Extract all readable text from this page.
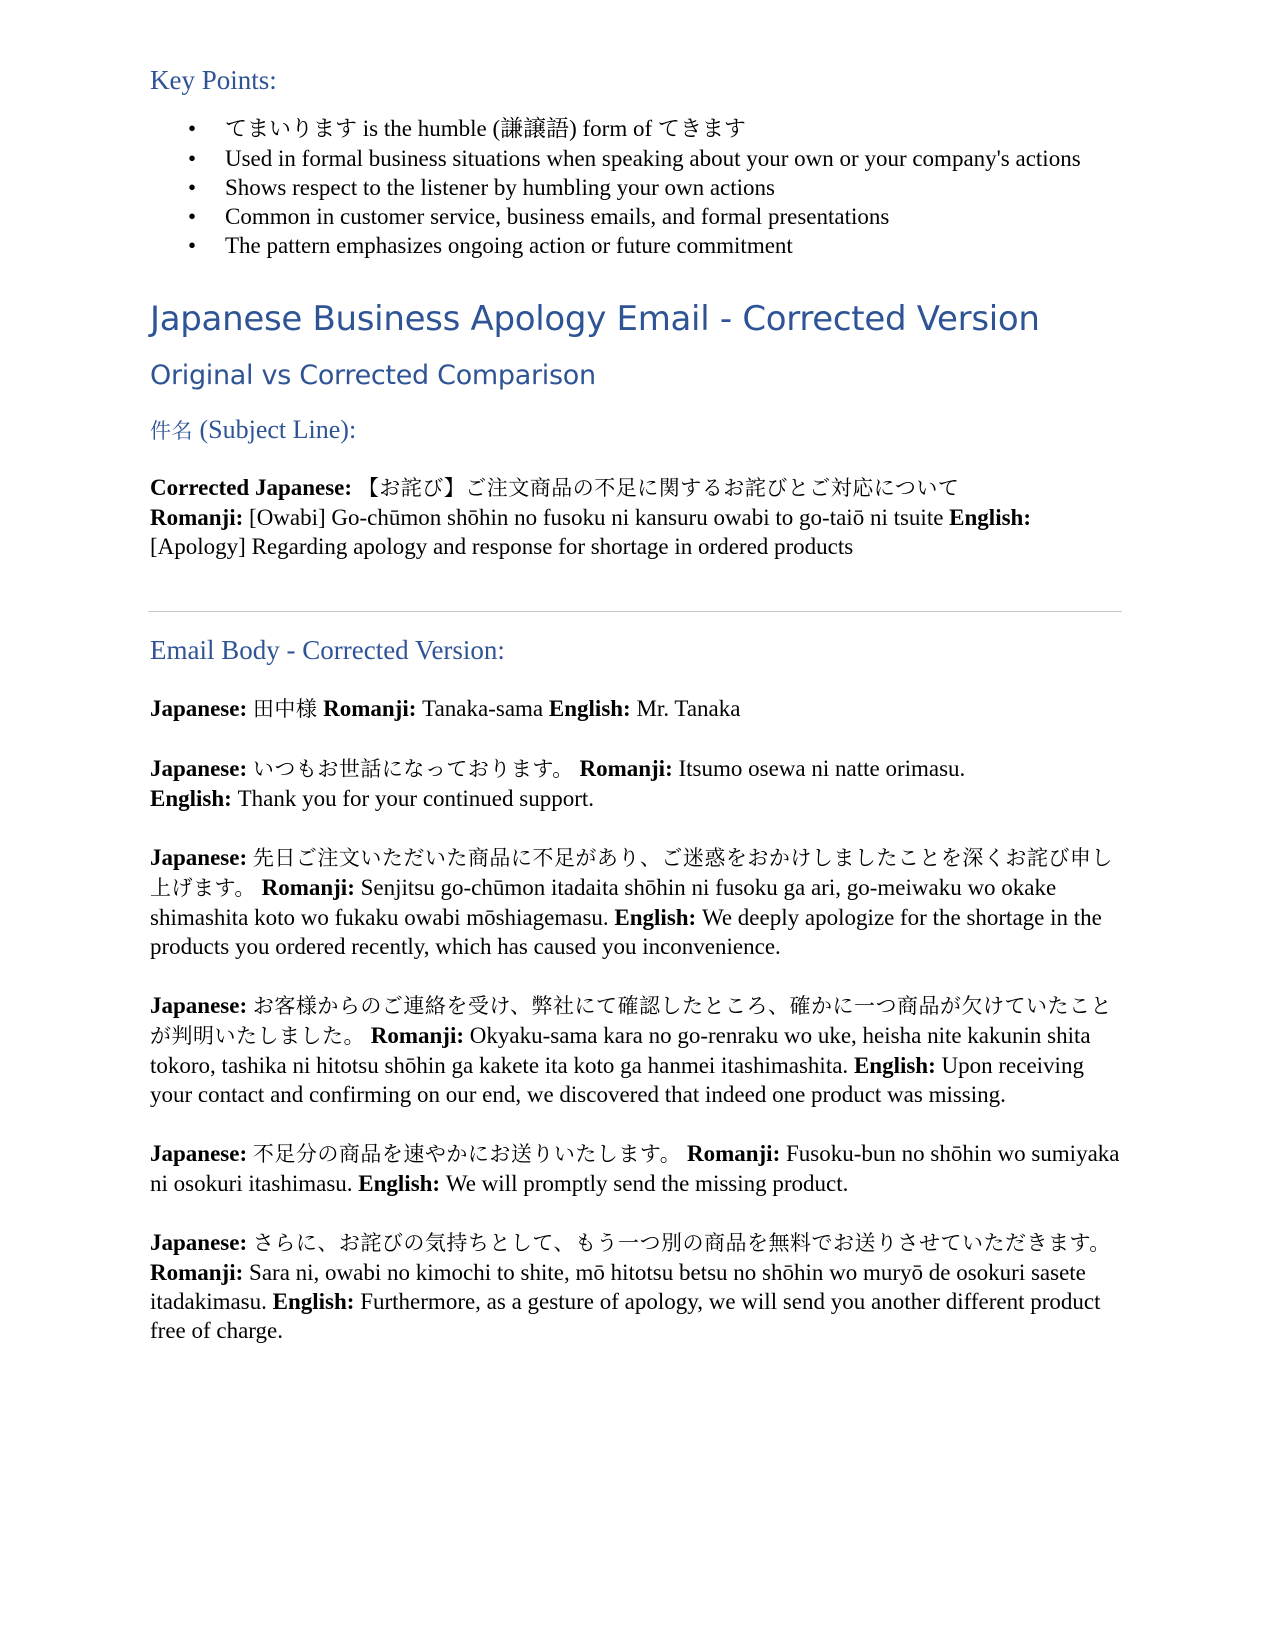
Key Points:
• てまいります is the humble (謙譲語) form of てきます
• Used in formal business situations when speaking about your own or your company's actions
• Shows respect to the listener by humbling your own actions
• Common in customer service, business emails, and formal presentations
• The pattern emphasizes ongoing action or future commitment
Japanese Business Apology Email - Corrected Version
Original vs Corrected Comparison
件名 (Subject Line):

Corrected Japanese: 【お詫び】ご注文商品の不足に関するお詫びとご対応について
Romanji: [Owabi] Go-chūmon shōhin no fusoku ni kansuru owabi to go-taiō ni tsuite English: [Apology] Regarding apology and response for shortage in ordered products

Email Body - Corrected Version:

Japanese: 田中様 Romanji: Tanaka-sama English: Mr. Tanaka

Japanese: いつもお世話になっております。 Romanji: Itsumo osewa ni natte orimasu.
English: Thank you for your continued support.

Japanese: 先日ご注文いただいた商品に不足があり、ご迷惑をおかけしましたことを深くお詫び申し上げます。 Romanji: Senjitsu go-chūmon itadaita shōhin ni fusoku ga ari, go-meiwaku wo okake shimashita koto wo fukaku owabi mōshiagemasu. English: We deeply apologize for the shortage in the products you ordered recently, which has caused you inconvenience.

Japanese: お客様からのご連絡を受け、弊社にて確認したところ、確かに一つ商品が欠けていたことが判明いたしました。 Romanji: Okyaku-sama kara no go-renraku wo uke, heisha nite kakunin shita tokoro, tashika ni hitotsu shōhin ga kakete ita koto ga hanmei itashimashita. English: Upon receiving your contact and confirming on our end, we discovered that indeed one product was missing.

Japanese: 不足分の商品を速やかにお送りいたします。 Romanji: Fusoku-bun no shōhin wo sumiyaka ni osokuri itashimasu. English: We will promptly send the missing product.

Japanese: さらに、お詫びの気持ちとして、もう一つ別の商品を無料でお送りさせていただきます。 Romanji: Sara ni, owabi no kimochi to shite, mō hitotsu betsu no shōhin wo muryō de osokuri sasete itadakimasu. English: Furthermore, as a gesture of apology, we will send you another different product free of charge.
